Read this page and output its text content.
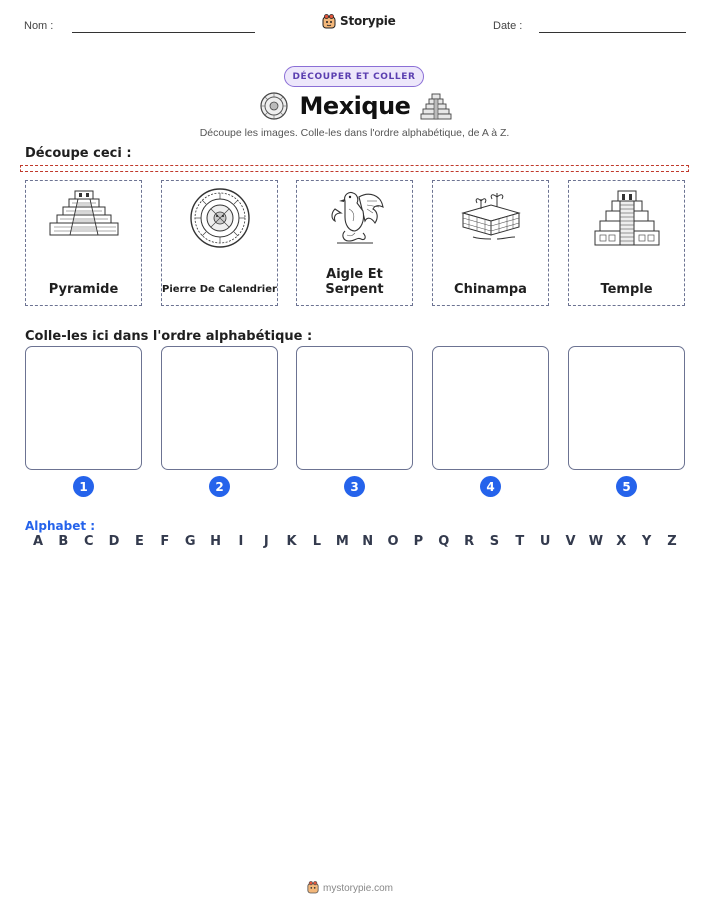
Nom :	Storypie	Date :
DÉCOUPER ET COLLER
Mexique
Découpe les images. Colle-les dans l'ordre alphabétique, de A à Z.
Découpe ceci :
Pyramide	Pierre De Calendrier
Aigle Et Serpent	Chinampa	Temple
Colle-les ici dans l'ordre alphabétique :
1	2	3	4	5
Alphabet :
A B C D E F G H	I	J	K L M N O P Q R S T U V W X Y Z
mystorypie.com
